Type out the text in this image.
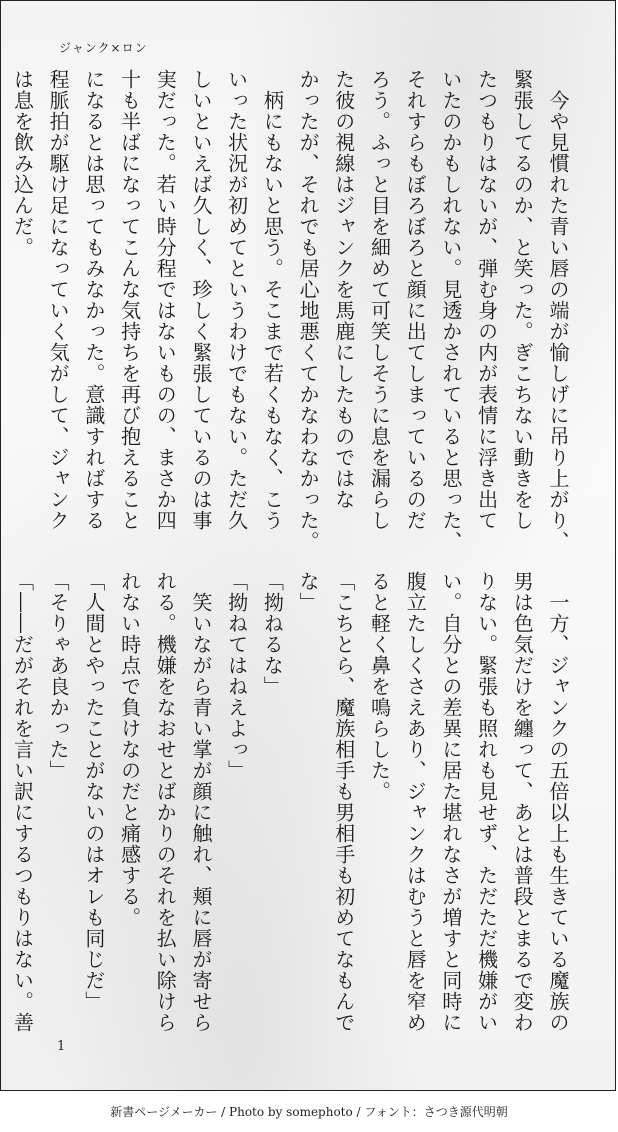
ジャンク×ロン
　今や見慣れた青い唇の端が愉しげに吊り上がり、
緊張してるのか、と笑った。ぎこちない動きをし
たつもりはないが、弾む身の内が表情に浮き出て
いたのかもしれない。見透かされていると思った、
それすらもぼろぼろと顔に出てしまっているのだ
ろう。ふっと目を細めて可笑しそうに息を漏らし
た彼の視線はジャンクを馬鹿にしたものではな
かったが、それでも居心地悪くてかなわなかった。
　柄にもないと思う。そこまで若くもなく、こう
いった状況が初めてというわけでもない。ただ久
しいといえば久しく、珍しく緊張しているのは事
実だった。若い時分程ではないものの、まさか四
十も半ばになってこんな気持ちを再び抱えること
になるとは思ってもみなかった。意識すればする
程脈拍が駆け足になっていく気がして、ジャンク
は息を飲み込んだ。
　一方、ジャンクの五倍以上も生きている魔族の
男は色気だけを纏って、あとは普段とまるで変わ
りない。緊張も照れも見せず、ただただ機嫌がい
い。自分との差異に居た堪れなさが増すと同時に
腹立たしくさえあり、ジャンクはむうと唇を窄め
ると軽く鼻を鳴らした。
「こちとら、魔族相手も男相手も初めてなもんで
な」
「拗ねるな」
「拗ねてはねえよっ」
　笑いながら青い掌が顔に触れ、頬に唇が寄せら
れる。機嫌をなおせとばかりのそれを払い除けら
れない時点で負けなのだと痛感する。
「人間とやったことがないのはオレも同じだ」
「そりゃあ良かった」
「――だがそれを言い訳にするつもりはない。善
1
新書ページメーカー / Photo by somephoto / フォント：さつき源代明朝
